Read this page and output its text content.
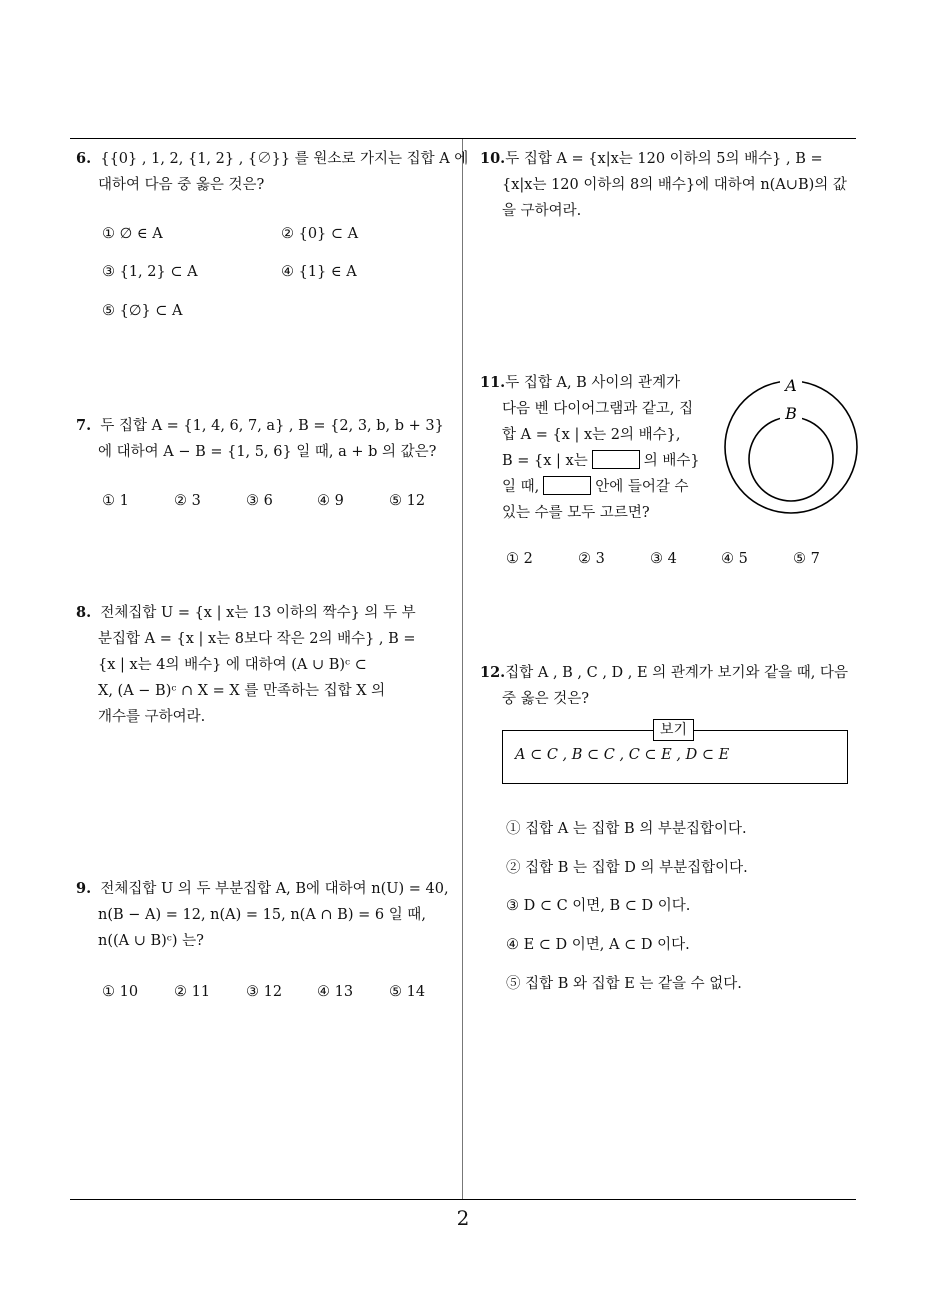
6. {{0} , 1, 2, {1, 2} , {∅}} 를 원소로 가지는 집합 A 에
대하여 다음 중 옳은 것은?
① ∅ ∈ A	② {0} ⊂ A
③ {1, 2} ⊂ A	④ {1} ∈ A
⑤ {∅} ⊂ A
7. 두 집합 A = {1, 4, 6, 7, a} , B = {2, 3, b, b + 3}
에 대하여 A − B = {1, 5, 6} 일 때, a + b 의 값은?
① 1	② 3	③ 6	④ 9	⑤ 12
8. 전체집합 U = {x | x는 13 이하의 짝수} 의 두 부
분집합 A = {x | x는 8보다 작은 2의 배수} , B =
{x | x는 4의 배수} 에 대하여 (A ∪ B)ᶜ ⊂
X, (A − B)ᶜ ∩ X = X 를 만족하는 집합 X 의
개수를 구하여라.
9. 전체집합 U 의 두 부분집합 A, B에 대하여 n(U) = 40,
n(B − A) = 12, n(A) = 15, n(A ∩ B) = 6 일 때,
n((A ∪ B)ᶜ) 는?
① 10 ② 11 ③ 12 ④ 13 ⑤ 14
10.두 집합 A = {x|x는 120 이하의 5의 배수} , B =
{x|x는 120 이하의 8의 배수}에 대하여 n(A∪B)의 값
을 구하여라.
11.두 집합 A, B 사이의 관계가
다음 벤 다이어그램과 같고, 집
합 A = {x | x는 2의 배수},
B = {x | x는	의 배수}
일 때,	안에 들어갈 수
있는 수를 모두 고르면?
A
B
① 2	② 3	③ 4	④ 5	⑤ 7
12.집합 A , B , C , D , E 의 관계가 보기와 같을 때, 다음
중 옳은 것은?
보기
A ⊂ C , B ⊂ C , C ⊂ E , D ⊂ E
① 집합 A 는 집합 B 의 부분집합이다.
② 집합 B 는 집합 D 의 부분집합이다.
③ D ⊂ C 이면, B ⊂ D 이다.
④ E ⊂ D 이면, A ⊂ D 이다.
⑤ 집합 B 와 집합 E 는 같을 수 없다.
2
